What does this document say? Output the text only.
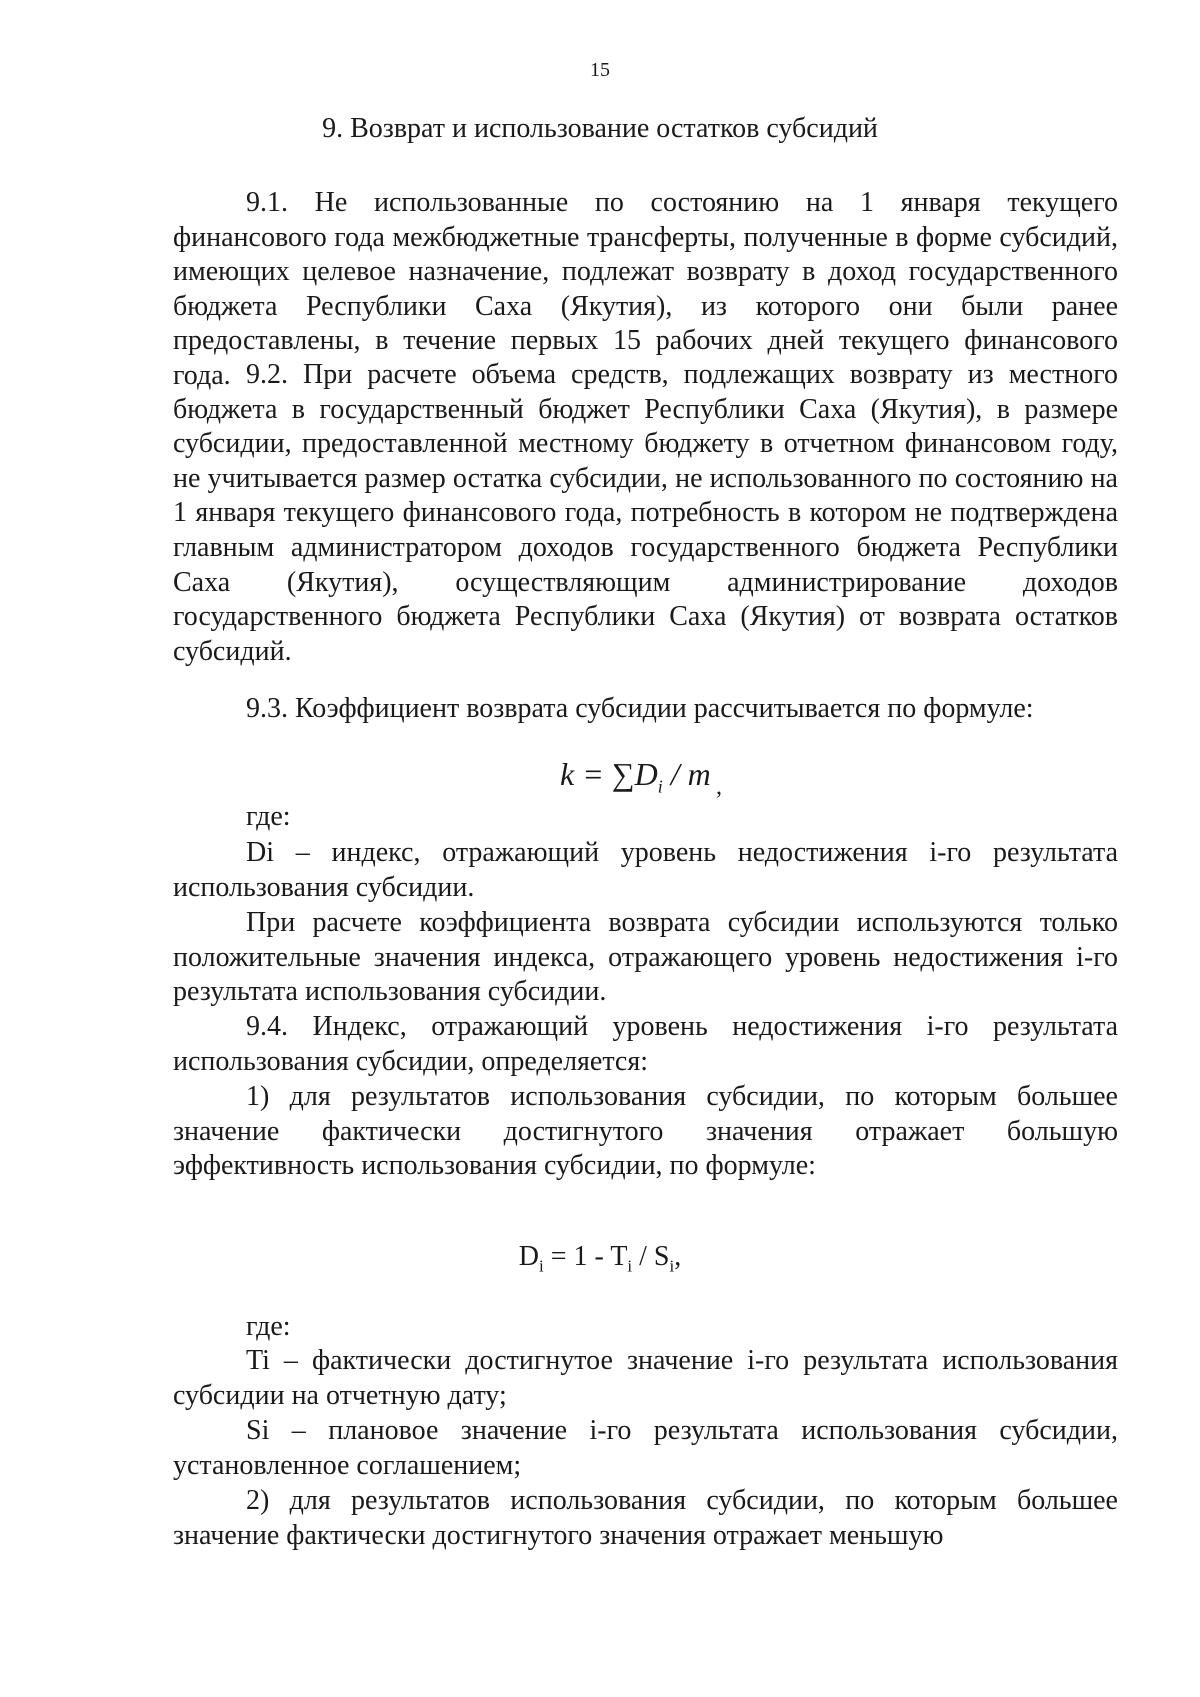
15
9. Возврат и использование остатков субсидий
9.1. Не использованные по состоянию на 1 января текущего финансового года межбюджетные трансферты, полученные в форме субсидий, имеющих целевое назначение, подлежат возврату в доход государственного бюджета Республики Саха (Якутия), из которого они были ранее предоставлены, в течение первых 15 рабочих дней текущего финансового года. 9.2. При расчете объема средств, подлежащих возврату из местного бюджета в государственный бюджет Республики Саха (Якутия), в размере субсидии, предоставленной местному бюджету в отчетном финансовом году, не учитывается размер остатка субсидии, не использованного по состоянию на 1 января текущего финансового года, потребность в котором не подтверждена главным администратором доходов государственного бюджета Республики Саха (Якутия), осуществляющим администрирование доходов государственного бюджета Республики Саха (Якутия) от возврата остатков субсидий.
9.3. Коэффициент возврата субсидии рассчитывается по формуле:
$k = \sum D_i / m$ ,
где:
Di – индекс, отражающий уровень недостижения i-го результата использования субсидии.
При расчете коэффициента возврата субсидии используются только положительные значения индекса, отражающего уровень недостижения i-го результата использования субсидии.
9.4. Индекс, отражающий уровень недостижения i-го результата использования субсидии, определяется:
1) для результатов использования субсидии, по которым большее значение фактически достигнутого значения отражает большую эффективность использования субсидии, по формуле:
$D_i = 1 - T_i / S_i$,
где:
Ti – фактически достигнутое значение i-го результата использования субсидии на отчетную дату;
Si – плановое значение i-го результата использования субсидии, установленное соглашением;
2) для результатов использования субсидии, по которым большее значение фактически достигнутого значения отражает меньшую
